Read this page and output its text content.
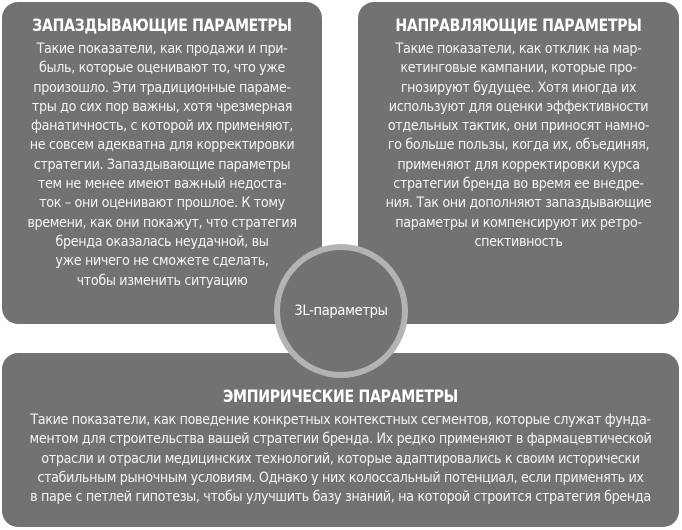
ЗАПАЗДЫВАЮЩИЕ ПАРАМЕТРЫ

Такие показатели, как продажи и при-
быль, которые оценивают то, что уже
произошло. Эти традиционные параме-
тры до сих пор важны, хотя чрезмерная
фанатичность, с которой их применяют,
не совсем адекватна для корректировки
стратегии. Запаздывающие параметры
тем не менее имеют важный недоста-
ток – они оценивают прошлое. К тому
времени, как они покажут, что стратегия
бренда оказалась неудачной, вы
уже ничего не сможете сделать,
чтобы изменить ситуацию

НАПРАВЛЯЮЩИЕ ПАРАМЕТРЫ

Такие показатели, как отклик на мар-
кетинговые кампании, которые про-
гнозируют будущее. Хотя иногда их
используют для оценки эффективности
отдельных тактик, они приносят намно-
го больше пользы, когда их, объединяя,
применяют для корректировки курса
стратегии бренда во время ее внедре-
ния. Так они дополняют запаздывающие
параметры и компенсируют их ретро-
спективность

ЭМПИРИЧЕСКИЕ ПАРАМЕТРЫ

Такие показатели, как поведение конкретных контекстных сегментов, которые служат фунда-
ментом для строительства вашей стратегии бренда. Их редко применяют в фармацевтической
отрасли и отрасли медицинских технологий, которые адаптировались к своим исторически
стабильным рыночным условиям. Однако у них колоссальный потенциал, если применять их
в паре с петлей гипотезы, чтобы улучшить базу знаний, на которой строится стратегия бренда

3L-параметры
